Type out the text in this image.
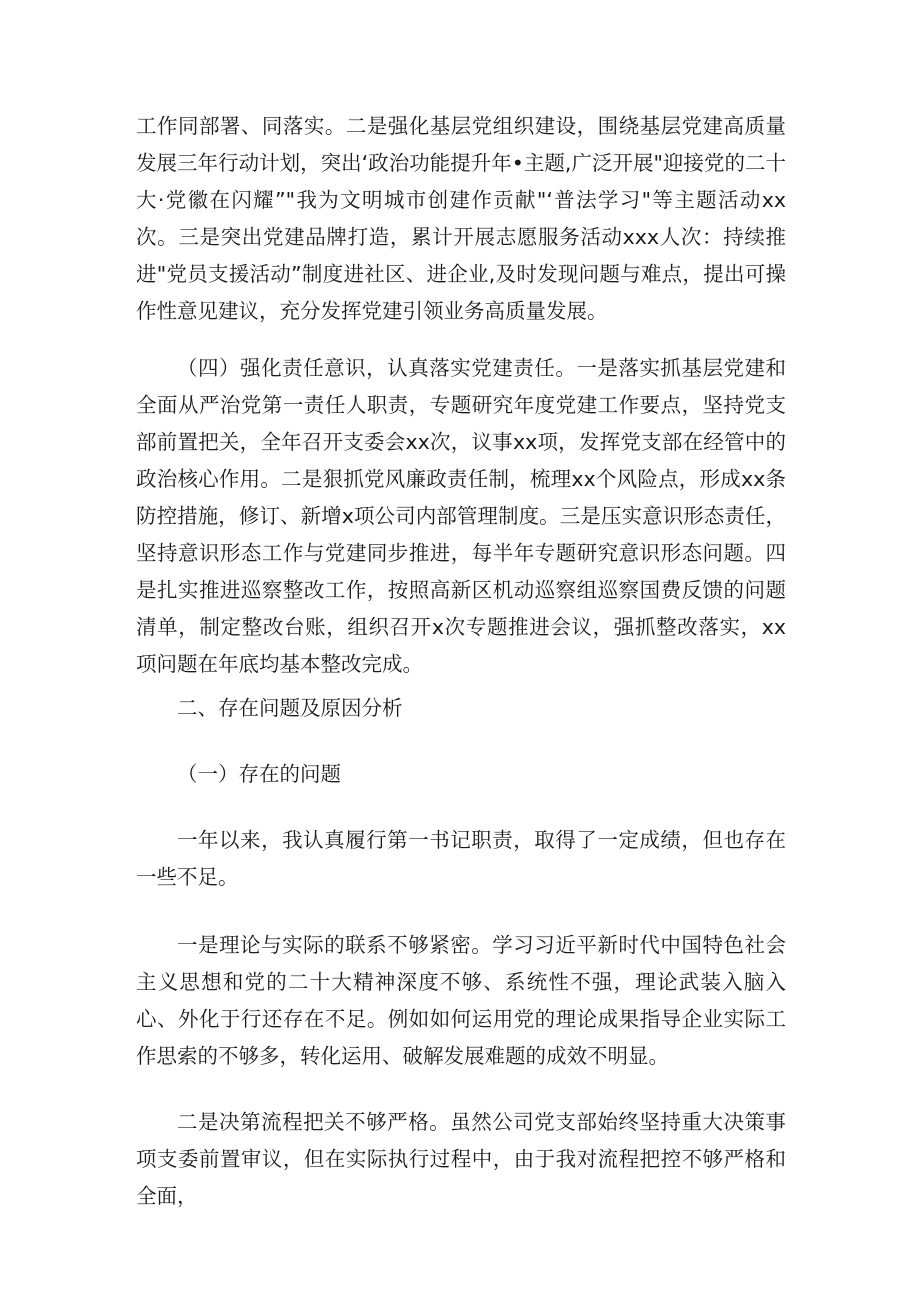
工作同部署、同落实。二是强化基层党组织建设，围绕基层党建高质量发展三年行动计划，突出‘政治功能提升年•主题,广泛开展"迎接党的二十大·党徽在闪耀”"我为文明城市创建作贡献"‘普法学习"等主题活动xx次。三是突出党建品牌打造，累计开展志愿服务活动xxx人次：持续推进"党员支援活动”制度进社区、进企业,及时发现问题与难点，提出可操作性意见建议，充分发挥党建引领业务高质量发展。

（四）强化责任意识，认真落实党建责任。一是落实抓基层党建和全面从严治党第一责任人职责，专题研究年度党建工作要点，坚持党支部前置把关，全年召开支委会xx次，议事xx项，发挥党支部在经管中的政治核心作用。二是狠抓党风廉政责任制，梳理xx个风险点，形成xx条防控措施，修订、新增x项公司内部管理制度。三是压实意识形态责任，坚持意识形态工作与党建同步推进，每半年专题研究意识形态问题。四是扎实推进巡察整改工作，按照高新区机动巡察组巡察国费反馈的问题清单，制定整改台账，组织召开x次专题推进会议，强抓整改落实，xx项问题在年底均基本整改完成。

二、存在问题及原因分析

（一）存在的问题

一年以来，我认真履行第一书记职责，取得了一定成绩，但也存在一些不足。

一是理论与实际的联系不够紧密。学习习近平新时代中国特色社会主义思想和党的二十大精神深度不够、系统性不强，理论武装入脑入心、外化于行还存在不足。例如如何运用党的理论成果指导企业实际工作思索的不够多，转化运用、破解发展难题的成效不明显。

二是决第流程把关不够严格。虽然公司党支部始终坚持重大决策事项支委前置审议，但在实际执行过程中，由于我对流程把控不够严格和全面，
